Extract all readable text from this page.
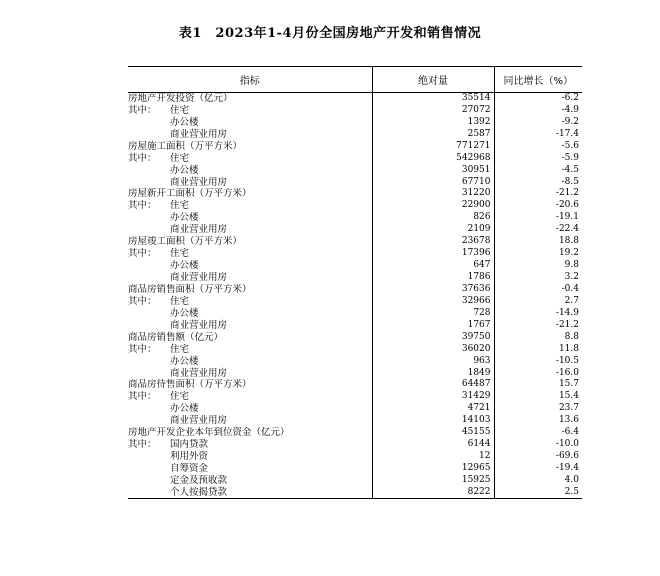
表1　2023年1-4月份全国房地产开发和销售情况
指标	绝对量	同比增长（%）
房地产开发投资（亿元）	35514	-6.2
其中： 住宅	27072	-4.9
办公楼	1392	-9.2
商业营业用房	2587	-17.4
房屋施工面积（万平方米）	771271	-5.6
其中： 住宅	542968	-5.9
办公楼	30951	-4.5
商业营业用房	67710	-8.5
房屋新开工面积（万平方米）	31220	-21.2
其中： 住宅	22900	-20.6
办公楼	826	-19.1
商业营业用房	2109	-22.4
房屋竣工面积（万平方米）	23678	18.8
其中： 住宅	17396	19.2
办公楼	647	9.8
商业营业用房	1786	3.2
商品房销售面积（万平方米）	37636	-0.4
其中： 住宅	32966	2.7
办公楼	728	-14.9
商业营业用房	1767	-21.2
商品房销售额（亿元）	39750	8.8
其中： 住宅	36020	11.8
办公楼	963	-10.5
商业营业用房	1849	-16.0
商品房待售面积（万平方米）	64487	15.7
其中： 住宅	31429	15.4
办公楼	4721	23.7
商业营业用房	14103	13.6
房地产开发企业本年到位资金（亿元）	45155	-6.4
其中： 国内贷款	6144	-10.0
利用外资	12	-69.6
自筹资金	12965	-19.4
定金及预收款	15925	4.0
个人按揭贷款	8222	2.5
